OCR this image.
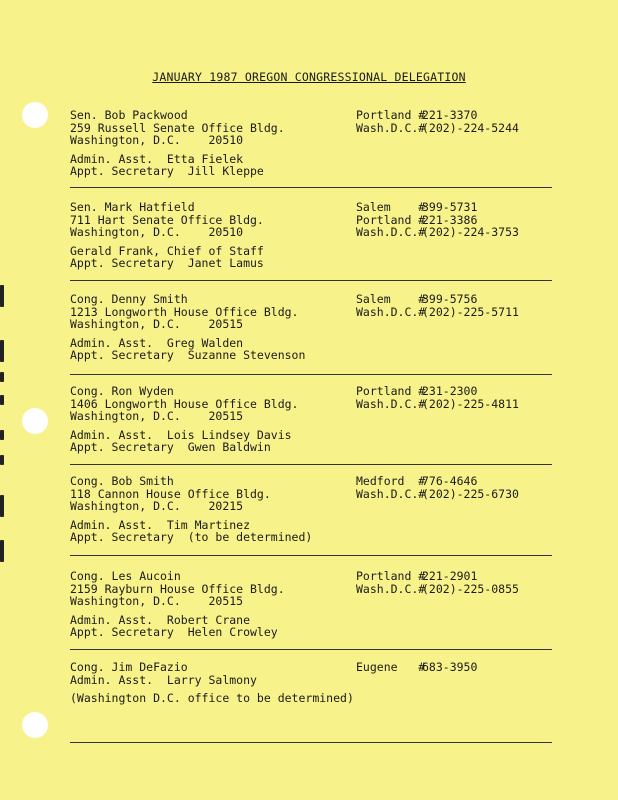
JANUARY 1987 OREGON CONGRESSIONAL DELEGATION
Sen. Bob Packwood
259 Russell Senate Office Bldg.
Washington, D.C.    20510
Admin. Asst.  Etta Fielek
Appt. Secretary  Jill Kleppe
Portland #
221-3370
Wash.D.C.#
(202)-224-5244
Sen. Mark Hatfield
711 Hart Senate Office Bldg.
Washington, D.C.    20510
Gerald Frank, Chief of Staff
Appt. Secretary  Janet Lamus
Salem    #
399-5731
Portland #
221-3386
Wash.D.C.#
(202)-224-3753
Cong. Denny Smith
1213 Longworth House Office Bldg.
Washington, D.C.    20515
Admin. Asst.  Greg Walden
Appt. Secretary  Suzanne Stevenson
Salem    #
399-5756
Wash.D.C.#
(202)-225-5711
Cong. Ron Wyden
1406 Longworth House Office Bldg.
Washington, D.C.    20515
Admin. Asst.  Lois Lindsey Davis
Appt. Secretary  Gwen Baldwin
Portland #
231-2300
Wash.D.C.#
(202)-225-4811
Cong. Bob Smith
118 Cannon House Office Bldg.
Washington, D.C.    20215
Admin. Asst.  Tim Martinez
Appt. Secretary  (to be determined)
Medford  #
776-4646
Wash.D.C.#
(202)-225-6730
Cong. Les Aucoin
2159 Rayburn House Office Bldg.
Washington, D.C.    20515
Admin. Asst.  Robert Crane
Appt. Secretary  Helen Crowley
Portland #
221-2901
Wash.D.C.#
(202)-225-0855
Cong. Jim DeFazio
Admin. Asst.  Larry Salmony
(Washington D.C. office to be determined)
Eugene   #
683-3950
